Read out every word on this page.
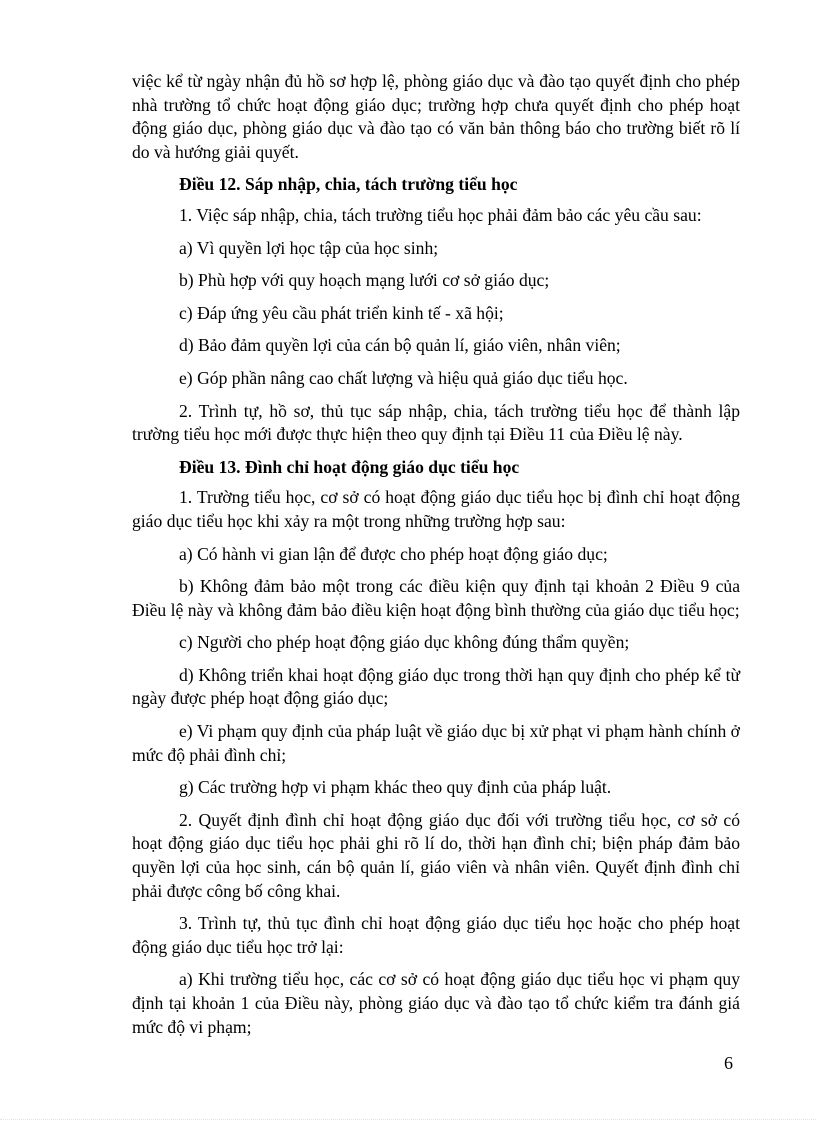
việc kể từ ngày nhận đủ hồ sơ hợp lệ, phòng giáo dục và đào tạo quyết định cho phép nhà trường tổ chức hoạt động giáo dục; trường hợp chưa quyết định cho phép hoạt động giáo dục, phòng giáo dục và đào tạo có văn bản thông báo cho trường biết rõ lí do và hướng giải quyết.

Điều 12. Sáp nhập, chia, tách trường tiểu học

1. Việc sáp nhập, chia, tách trường tiểu học phải đảm bảo các yêu cầu sau:

a) Vì quyền lợi học tập của học sinh;

b) Phù hợp với quy hoạch mạng lưới cơ sở giáo dục;

c) Đáp ứng yêu cầu phát triển kinh tế - xã hội;

d) Bảo đảm quyền lợi của cán bộ quản lí, giáo viên, nhân viên;

e) Góp phần nâng cao chất lượng và hiệu quả giáo dục tiểu học.

2. Trình tự, hồ sơ, thủ tục sáp nhập, chia, tách trường tiểu học để thành lập trường tiểu học mới được thực hiện theo quy định tại Điều 11 của Điều lệ này.

Điều 13. Đình chỉ hoạt động giáo dục tiểu học

1. Trường tiểu học, cơ sở có hoạt động giáo dục tiểu học bị đình chỉ hoạt động giáo dục tiểu học khi xảy ra một trong những trường hợp sau:

a) Có hành vi gian lận để được cho phép hoạt động giáo dục;

b) Không đảm bảo một trong các điều kiện quy định tại khoản 2 Điều 9 của Điều lệ này và không đảm bảo điều kiện hoạt động bình thường của giáo dục tiểu học;

c) Người cho phép hoạt động giáo dục không đúng thẩm quyền;

d) Không triển khai hoạt động giáo dục trong thời hạn quy định cho phép kể từ ngày được phép hoạt động giáo dục;

e) Vi phạm quy định của pháp luật về giáo dục bị xử phạt vi phạm hành chính ở mức độ phải đình chỉ;

g) Các trường hợp vi phạm khác theo quy định của pháp luật.

2. Quyết định đình chỉ hoạt động giáo dục đối với trường tiểu học, cơ sở có hoạt động giáo dục tiểu học phải ghi rõ lí do, thời hạn đình chỉ; biện pháp đảm bảo quyền lợi của học sinh, cán bộ quản lí, giáo viên và nhân viên. Quyết định đình chỉ phải được công bố công khai.

3. Trình tự, thủ tục đình chỉ hoạt động giáo dục tiểu học hoặc cho phép hoạt động giáo dục tiểu học trở lại:

a) Khi trường tiểu học, các cơ sở có hoạt động giáo dục tiểu học vi phạm quy định tại khoản 1 của Điều này, phòng giáo dục và đào tạo tổ chức kiểm tra đánh giá mức độ vi phạm;

6
